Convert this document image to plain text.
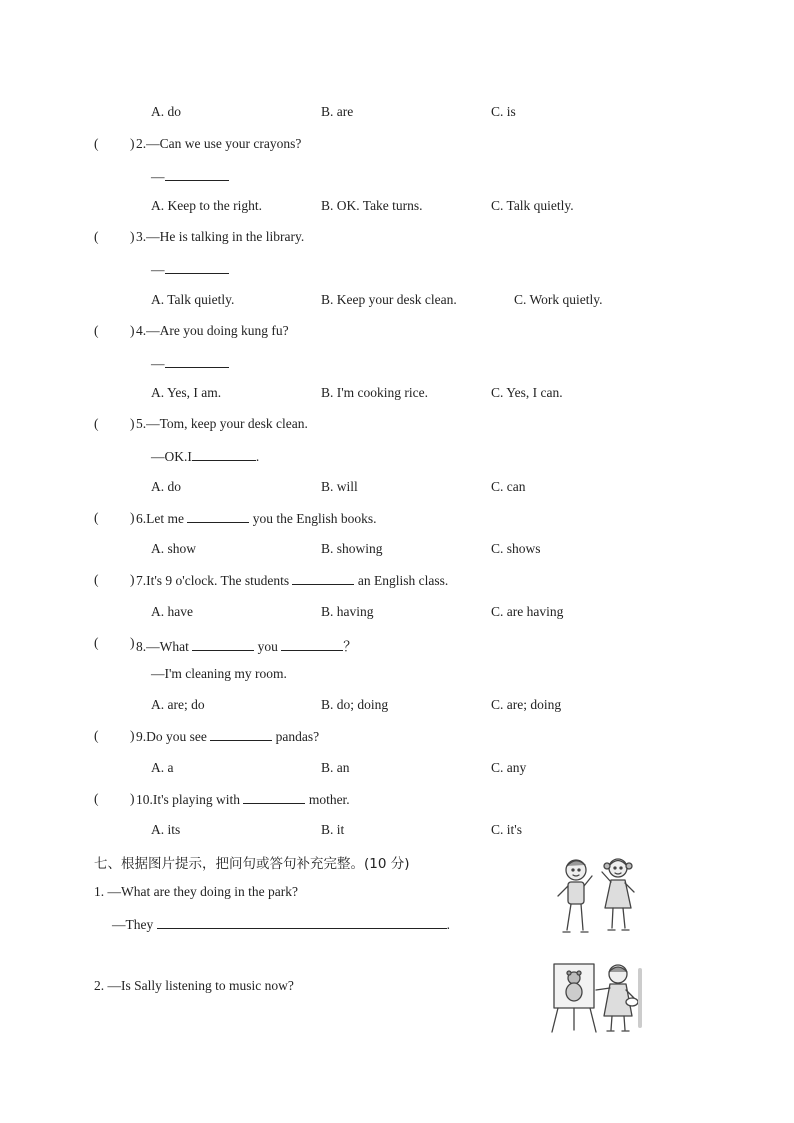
A. do	B. are	C. is
( ) 2.—Can we use your crayons?
—
A. Keep to the right.	B. OK. Take turns.	C. Talk quietly.
( ) 3.—He is talking in the library.
—
A. Talk quietly.	B. Keep your desk clean.	C. Work quietly.
( ) 4.—Are you doing kung fu?
—
A. Yes, I am.	B. I'm cooking rice.	C. Yes, I can.
( ) 5.—Tom, keep your desk clean.
—OK.I	.
A. do	B. will	C. can
( ) 6.Let me	you the English books.
A. show	B. showing	C. shows
( ) 7.It's 9 o'clock. The students	an English class.
A. have	B. having	C. are having
( ) 8.—What	you	？
—I'm cleaning my room.
A. are; do	B. do; doing	C. are; doing
( ) 9.Do you see	pandas?
A. a	B. an	C. any
( ) 10.It's playing with	mother.
A. its	B. it	C. it's
七、根据图片提示，把问句或答句补充完整。(10 分)
1. —What are they doing in the park?
—They	.
2. —Is Sally listening to music now?
